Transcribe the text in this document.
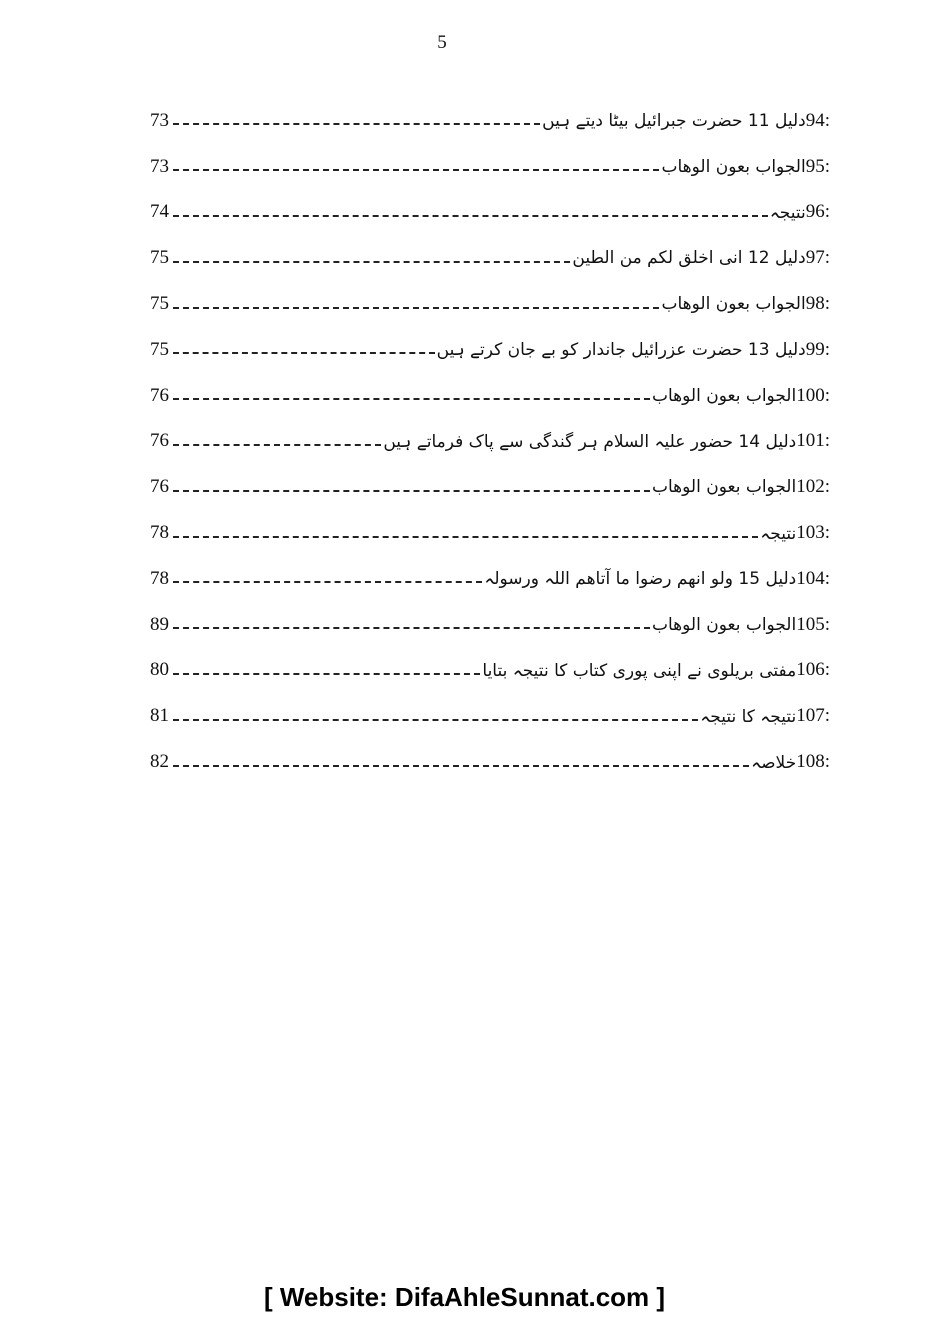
5
73	دلیل 11 حضرت جبرائیل بیٹا دیتے ہیں 94:
73	الجواب بعون الوھاب 95:
74	نتیجہ 96:
75	دلیل 12 انی اخلق لکم من الطین 97:
75	الجواب بعون الوھاب 98:
75	دلیل 13 حضرت عزرائیل جاندار کو بے جان کرتے ہیں 99:
76	الجواب بعون الوھاب 100:
76	دلیل 14 حضور علیہ السلام ہر گندگی سے پاک فرماتے ہیں 101:
76	الجواب بعون الوھاب 102:
78	نتیجہ 103:
78	دلیل 15 ولو انھم رضوا ما آتاھم اللہ ورسولہ 104:
89	الجواب بعون الوھاب 105:
80	مفتی بریلوی نے اپنی پوری کتاب کا نتیجہ بتایا 106:
81	نتیجہ کا نتیجہ 107:
82	خلاصہ 108:
[ Website: DifaAhleSunnat.com ]
